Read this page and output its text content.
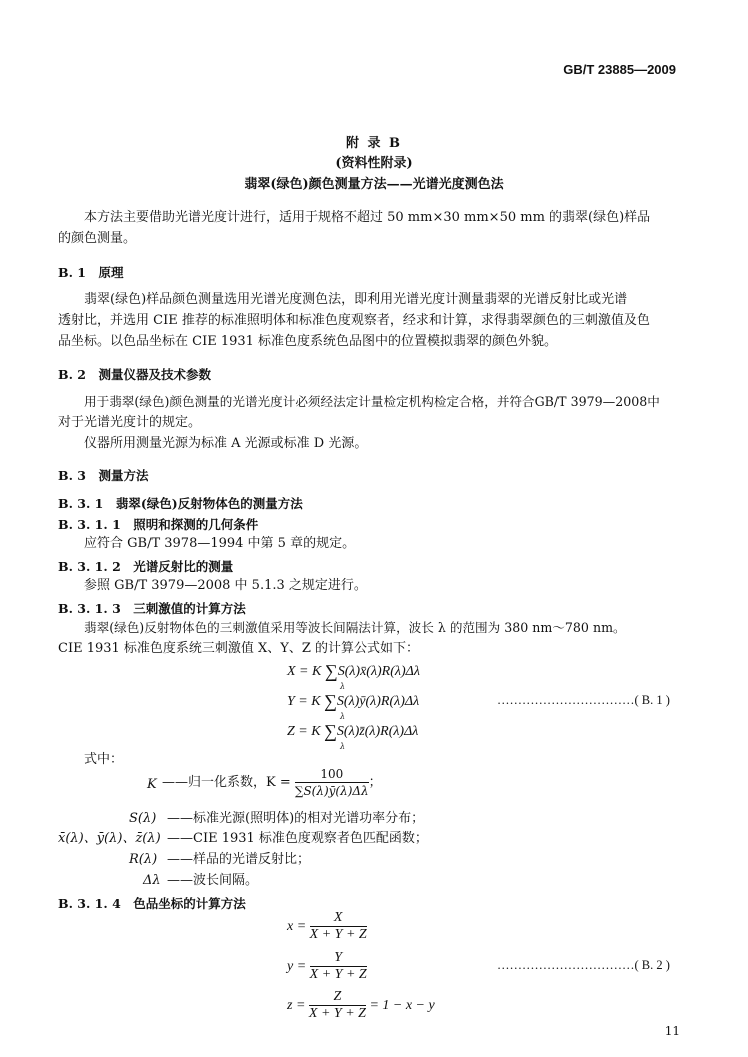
GB/T 23885—2009
附 录 B
(资料性附录)
翡翠(绿色)颜色测量方法——光谱光度测色法
本方法主要借助光谱光度计进行，适用于规格不超过 50 mm×30 mm×50 mm 的翡翠(绿色)样品
的颜色测量。
B. 1　原理
翡翠(绿色)样品颜色测量选用光谱光度测色法，即利用光谱光度计测量翡翠的光谱反射比或光谱
透射比，并选用 CIE 推荐的标准照明体和标准色度观察者，经求和计算，求得翡翠颜色的三刺激值及色
品坐标。以色品坐标在 CIE 1931 标准色度系统色品图中的位置模拟翡翠的颜色外貌。
B. 2　测量仪器及技术参数
用于翡翠(绿色)颜色测量的光谱光度计必须经法定计量检定机构检定合格，并符合GB/T 3979—2008中
对于光谱光度计的规定。
仪器所用测量光源为标准 A 光源或标准 D 光源。
B. 3　测量方法
B. 3. 1　翡翠(绿色)反射物体色的测量方法
B. 3. 1. 1　照明和探测的几何条件
应符合 GB/T 3978—1994 中第 5 章的规定。
B. 3. 1. 2　光谱反射比的测量
参照 GB/T 3979—2008 中 5.1.3 之规定进行。
B. 3. 1. 3　三刺激值的计算方法
翡翠(绿色)反射物体色的三刺激值采用等波长间隔法计算，波长 λ 的范围为 380 nm～780 nm。
CIE 1931 标准色度系统三刺激值 X、Y、Z 的计算公式如下：
X = K ∑S(λ)x̄(λ)R(λ)Δλ
λ
Y = K ∑S(λ)ȳ(λ)R(λ)Δλ
λ
Z = K ∑S(λ)z̄(λ)R(λ)Δλ
λ
……………………………( B. 1 )
式中：
K ——归一化系数，$K = \frac{100}{\sum S(\lambda)ȳ(\lambda)\Delta\lambda}$ ；
S(λ) ——标准光源(照明体)的相对光谱功率分布；
x̄(λ)、ȳ(λ)、z̄(λ) ——CIE 1931 标准色度观察者色匹配函数；
R(λ) ——样品的光谱反射比；
Δλ ——波长间隔。
B. 3. 1. 4　色品坐标的计算方法
$x = \frac{X}{X + Y + Z}$
$y = \frac{Y}{X + Y + Z}$
$z = \frac{Z}{X + Y + Z} = 1 - x - y$
……………………………( B. 2 )
11
